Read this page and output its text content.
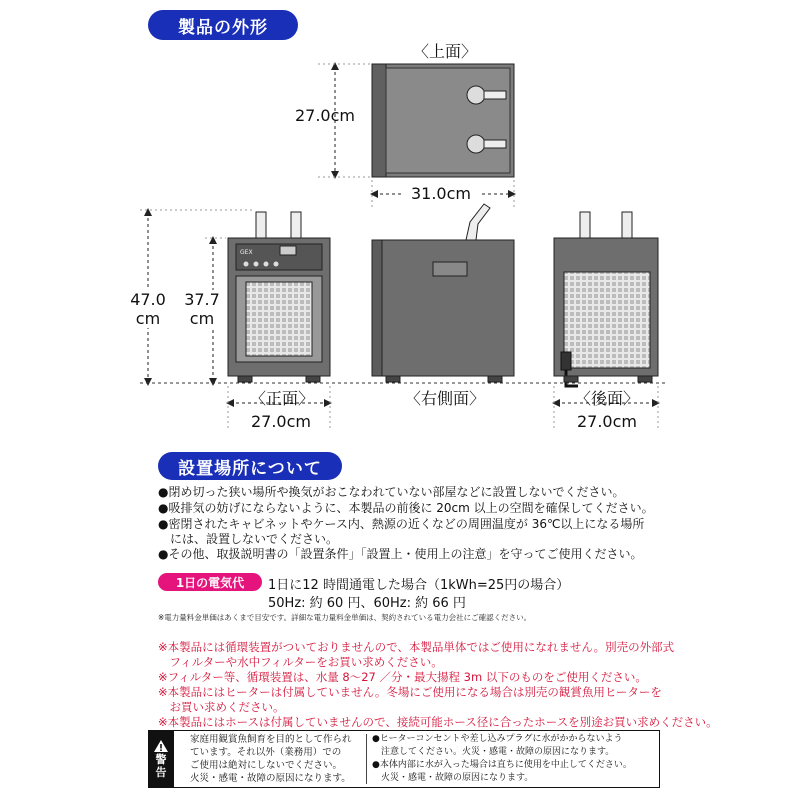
製品の外形
GEX
〈上面〉
27.0cm
31.0cm
47.0
cm
37.7
cm
〈正面〉
27.0cm
〈右側面〉	〈後面〉
27.0cm
設置場所について
●閉め切った狭い場所や換気がおこなわれていない部屋などに設置しないでください。
●吸排気の妨げにならないように、本製品の前後に 20cm 以上の空間を確保してください。
●密閉されたキャビネットやケース内、熱源の近くなどの周囲温度が 36℃以上になる場所
　には、設置しないでください。
●その他、取扱説明書の「設置条件」「設置上・使用上の注意」を守ってご使用ください。
1日の電気代	1日に12 時間通電した場合（1kWh=25円の場合）
50Hz: 約 60 円、60Hz: 約 66 円
※電力量料金単価はあくまで目安です。詳細な電力量料金単価は、契約されている電力会社にご確認ください。
※本製品には循環装置がついておりませんので、本製品単体ではご使用になれません。別売の外部式
　フィルターや水中フィルターをお買い求めください。
※フィルター等、循環装置は、水量 8～27 ／分・最大揚程 3m 以下のものをご使用ください。
※本製品にはヒーターは付属していません。冬場にご使用になる場合は別売の観賞魚用ヒーターを
　お買い求めください。
※本製品にはホースは付属していませんので、接続可能ホース径に合ったホースを別途お買い求めください。
警
告
家庭用観賞魚飼育を目的として作られ
ています。それ以外（業務用）での
ご使用は絶対にしないでください。
火災・感電・故障の原因になります。
●ヒーターコンセントや差し込みプラグに水がかからないよう
　注意してください。火災・感電・故障の原因になります。
●本体内部に水が入った場合は直ちに使用を中止してください。
　火災・感電・故障の原因になります。
